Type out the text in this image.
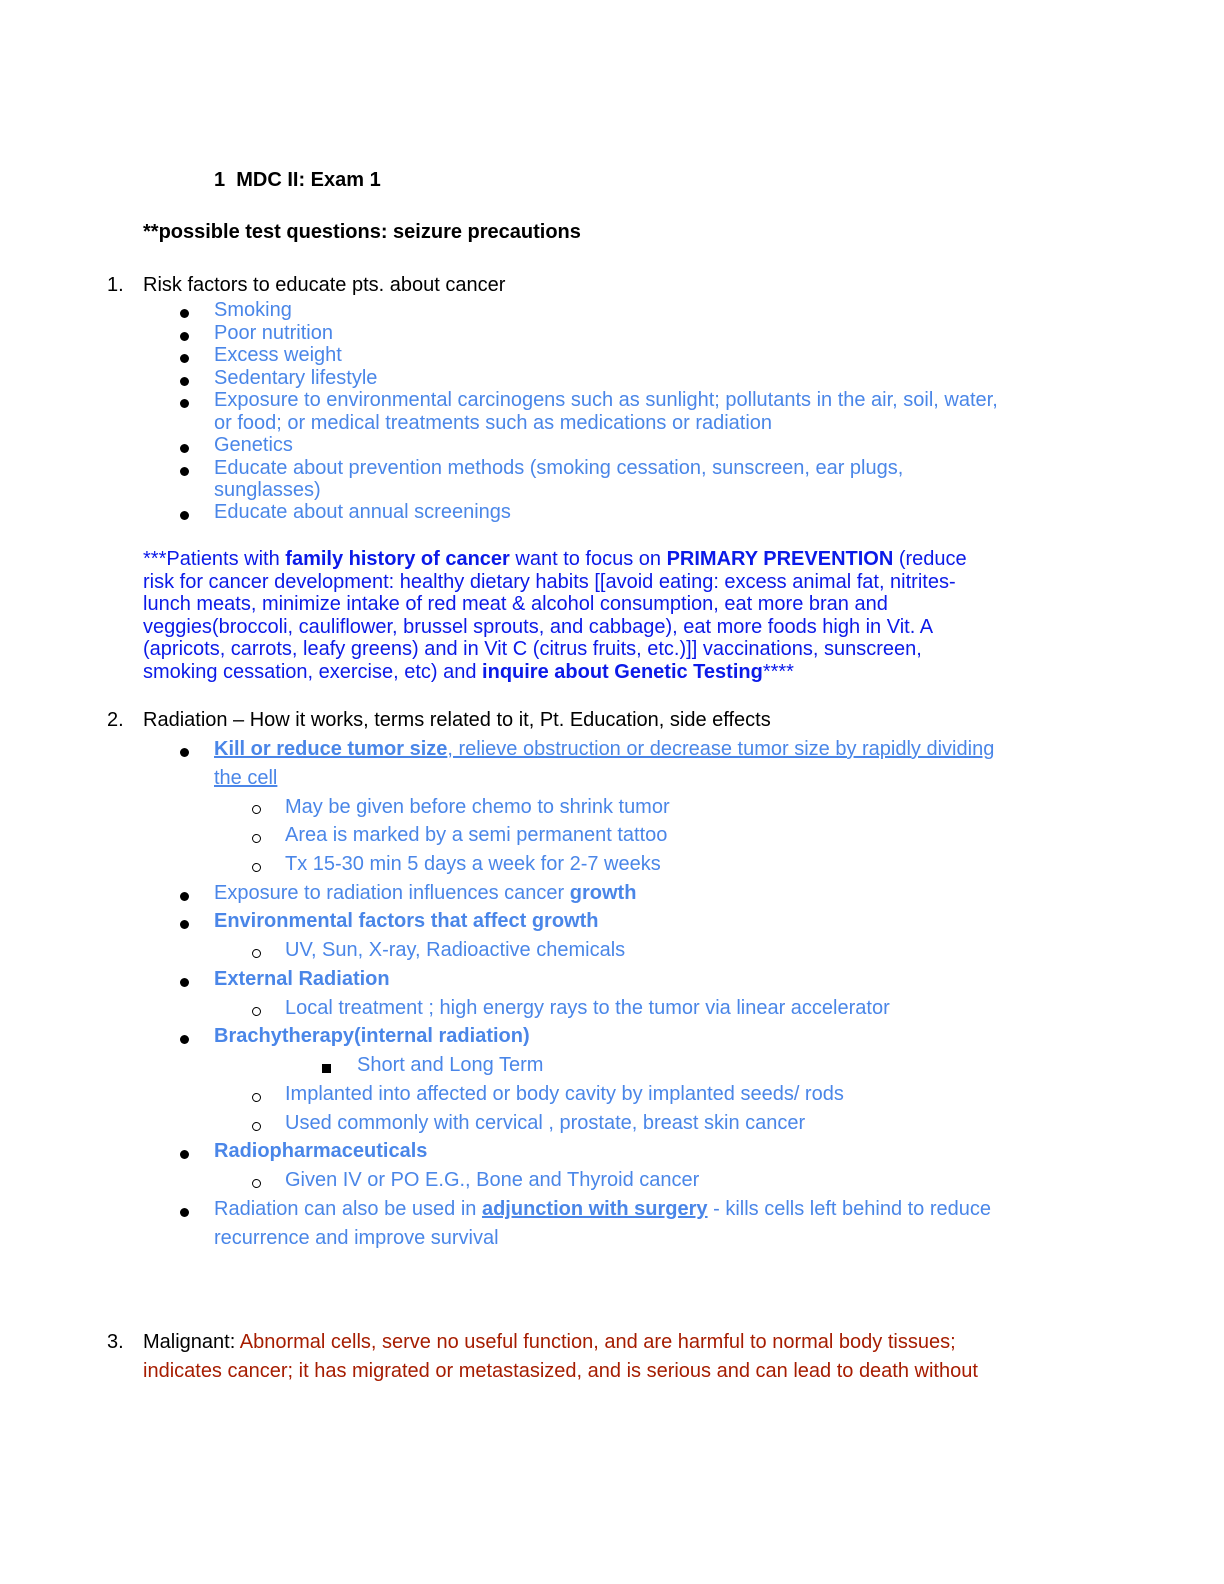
1 MDC II: Exam 1
**possible test questions: seizure precautions
1. Risk factors to educate pts. about cancer
Smoking
Poor nutrition
Excess weight
Sedentary lifestyle
Exposure to environmental carcinogens such as sunlight; pollutants in the air, soil, water,
or food; or medical treatments such as medications or radiation
Genetics
Educate about prevention methods (smoking cessation, sunscreen, ear plugs,
sunglasses)
Educate about annual screenings
***Patients with family history of cancer want to focus on PRIMARY PREVENTION (reduce
risk for cancer development: healthy dietary habits [[avoid eating: excess animal fat, nitrites-
lunch meats, minimize intake of red meat & alcohol consumption, eat more bran and
veggies(broccoli, cauliflower, brussel sprouts, and cabbage), eat more foods high in Vit. A
(apricots, carrots, leafy greens) and in Vit C (citrus fruits, etc.)]] vaccinations, sunscreen,
smoking cessation, exercise, etc) and inquire about Genetic Testing****
2. Radiation – How it works, terms related to it, Pt. Education, side effects
Kill or reduce tumor size, relieve obstruction or decrease tumor size by rapidly dividing
the cell
May be given before chemo to shrink tumor
Area is marked by a semi permanent tattoo
Tx 15-30 min 5 days a week for 2-7 weeks
Exposure to radiation influences cancer growth
Environmental factors that affect growth
UV, Sun, X-ray, Radioactive chemicals
External Radiation
Local treatment ; high energy rays to the tumor via linear accelerator
Brachytherapy(internal radiation)
Short and Long Term
Implanted into affected or body cavity by implanted seeds/ rods
Used commonly with cervical , prostate, breast skin cancer
Radiopharmaceuticals
Given IV or PO E.G., Bone and Thyroid cancer
Radiation can also be used in adjunction with surgery - kills cells left behind to reduce
recurrence and improve survival
3. Malignant: Abnormal cells, serve no useful function, and are harmful to normal body tissues;
indicates cancer; it has migrated or metastasized, and is serious and can lead to death without
